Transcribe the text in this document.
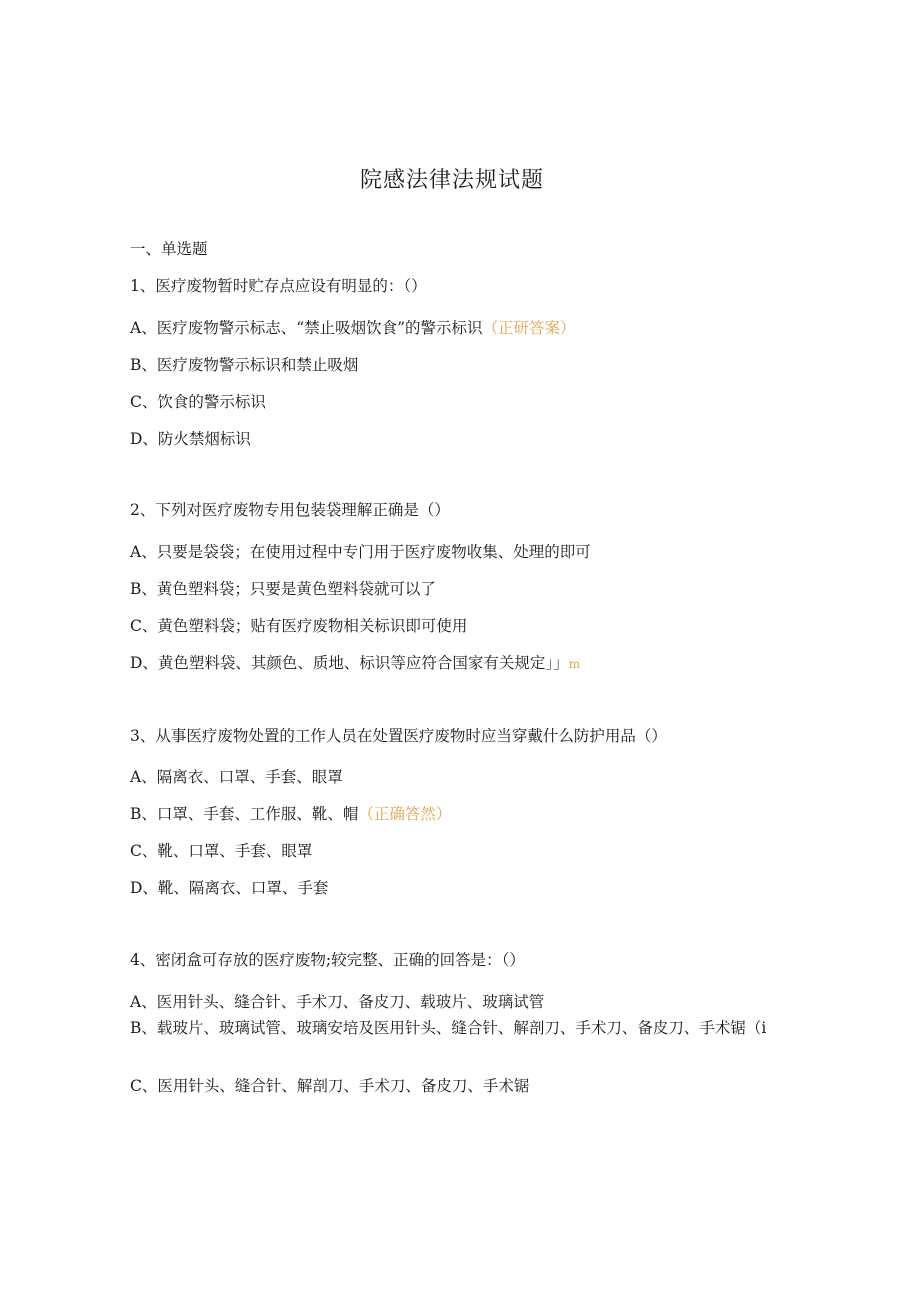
院感法律法规试题
一、单选题
1、医疗废物暂时贮存点应设有明显的：（）
A、医疗废物警示标志、“禁止吸烟饮食”的警示标识（正研答案）
B、医疗废物警示标识和禁止吸烟
C、饮食的警示标识
D、防火禁烟标识
2、下列对医疗废物专用包装袋理解正确是（）
A、只要是袋袋；在使用过程中专门用于医疗废物收集、处理的即可
B、黄色塑料袋；只要是黄色塑料袋就可以了
C、黄色塑料袋；贴有医疗废物相关标识即可使用
D、黄色塑料袋、其颜色、质地、标识等应符合国家有关规定」」m
3、从事医疗废物处置的工作人员在处置医疗废物时应当穿戴什么防护用品（）
A、隔离衣、口罩、手套、眼罩
B、口罩、手套、工作服、靴、帽（正确答然）
C、靴、口罩、手套、眼罩
D、靴、隔离衣、口罩、手套
4、密闭盒可存放的医疗废物;较完整、正确的回答是：（）
A、医用针头、缝合针、手术刀、备皮刀、载玻片、玻璃试管
B、载玻片、玻璃试管、玻璃安培及医用针头、缝合针、解剖刀、手术刀、备皮刀、手术锯（i
C、医用针头、缝合针、解剖刀、手术刀、备皮刀、手术锯
